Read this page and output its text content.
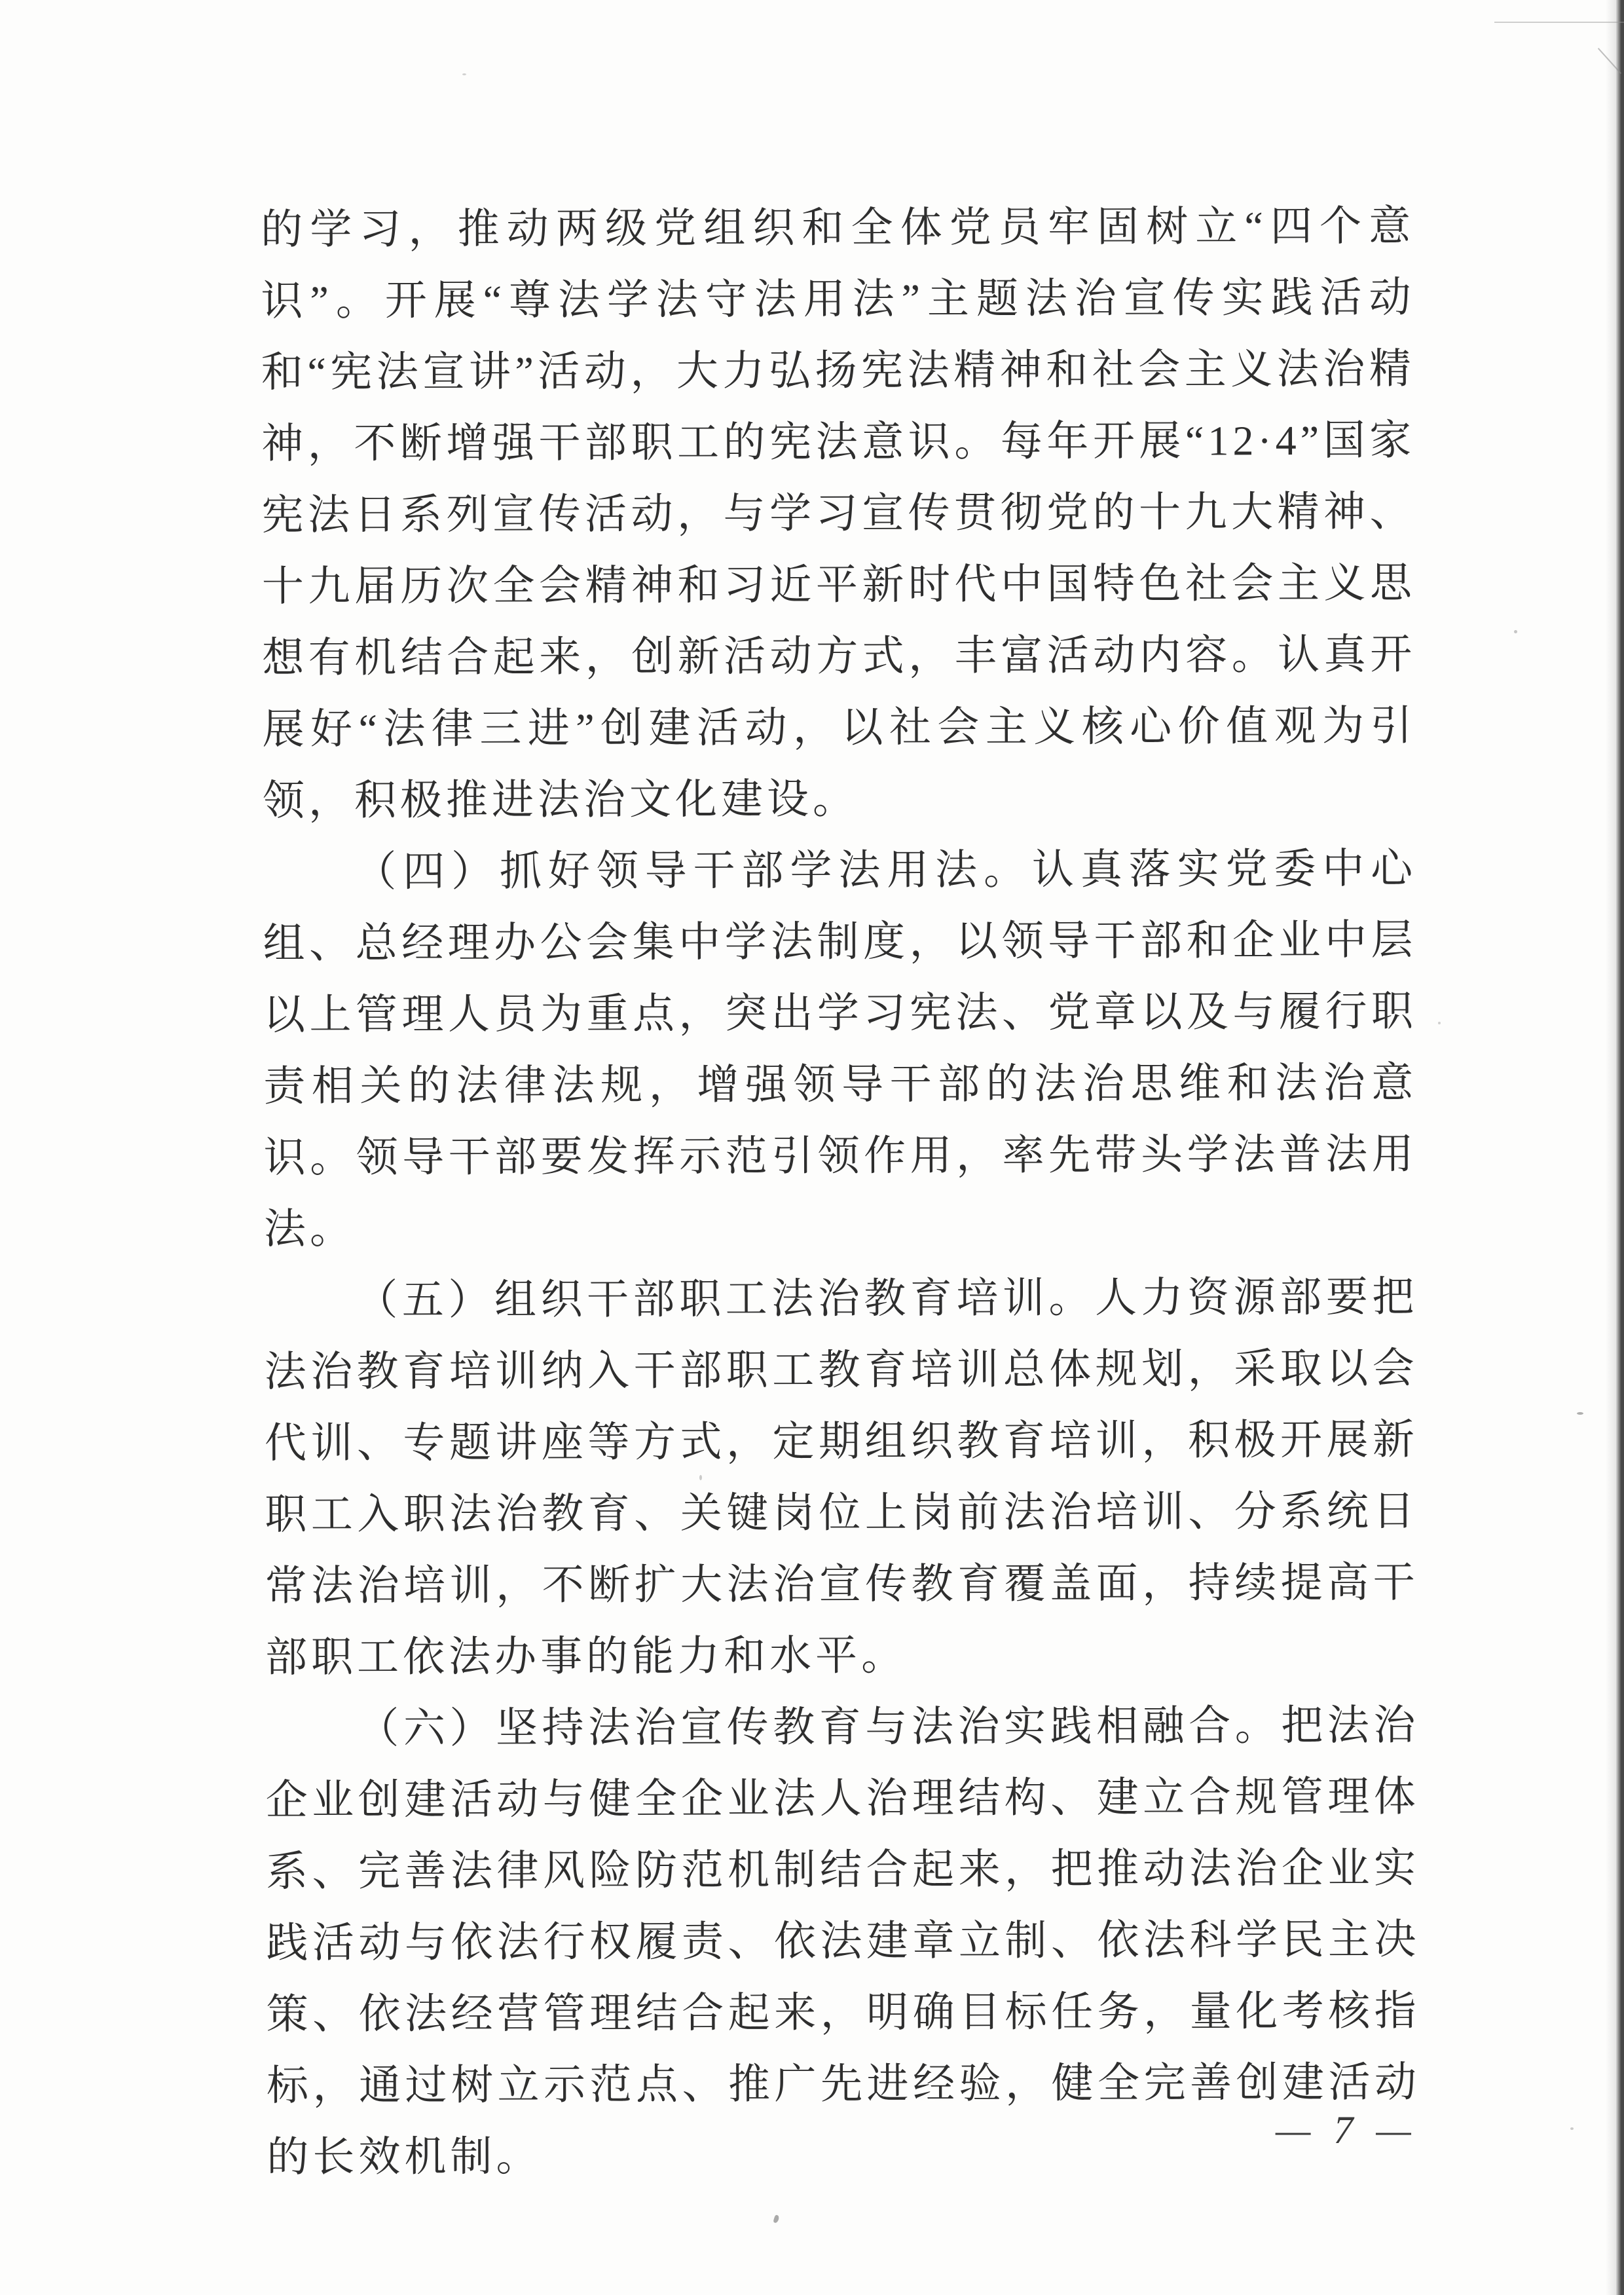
的学习，推动两级党组织和全体党员牢固树立“四个意识”。开展“尊法学法守法用法”主题法治宣传实践活动和“宪法宣讲”活动，大力弘扬宪法精神和社会主义法治精神，不断增强干部职工的宪法意识。每年开展“12·4”国家宪法日系列宣传活动，与学习宣传贯彻党的十九大精神、十九届历次全会精神和习近平新时代中国特色社会主义思想有机结合起来，创新活动方式，丰富活动内容。认真开展好“法律三进”创建活动，以社会主义核心价值观为引领，积极推进法治文化建设。

（四）抓好领导干部学法用法。认真落实党委中心组、总经理办公会集中学法制度，以领导干部和企业中层以上管理人员为重点，突出学习宪法、党章以及与履行职责相关的法律法规，增强领导干部的法治思维和法治意识。领导干部要发挥示范引领作用，率先带头学法普法用法。

（五）组织干部职工法治教育培训。人力资源部要把法治教育培训纳入干部职工教育培训总体规划，采取以会代训、专题讲座等方式，定期组织教育培训，积极开展新职工入职法治教育、关键岗位上岗前法治培训、分系统日常法治培训，不断扩大法治宣传教育覆盖面，持续提高干部职工依法办事的能力和水平。

（六）坚持法治宣传教育与法治实践相融合。把法治企业创建活动与健全企业法人治理结构、建立合规管理体系、完善法律风险防范机制结合起来，把推动法治企业实践活动与依法行权履责、依法建章立制、依法科学民主决策、依法经营管理结合起来，明确目标任务，量化考核指标，通过树立示范点、推广先进经验，健全完善创建活动的长效机制。

— 7 —
